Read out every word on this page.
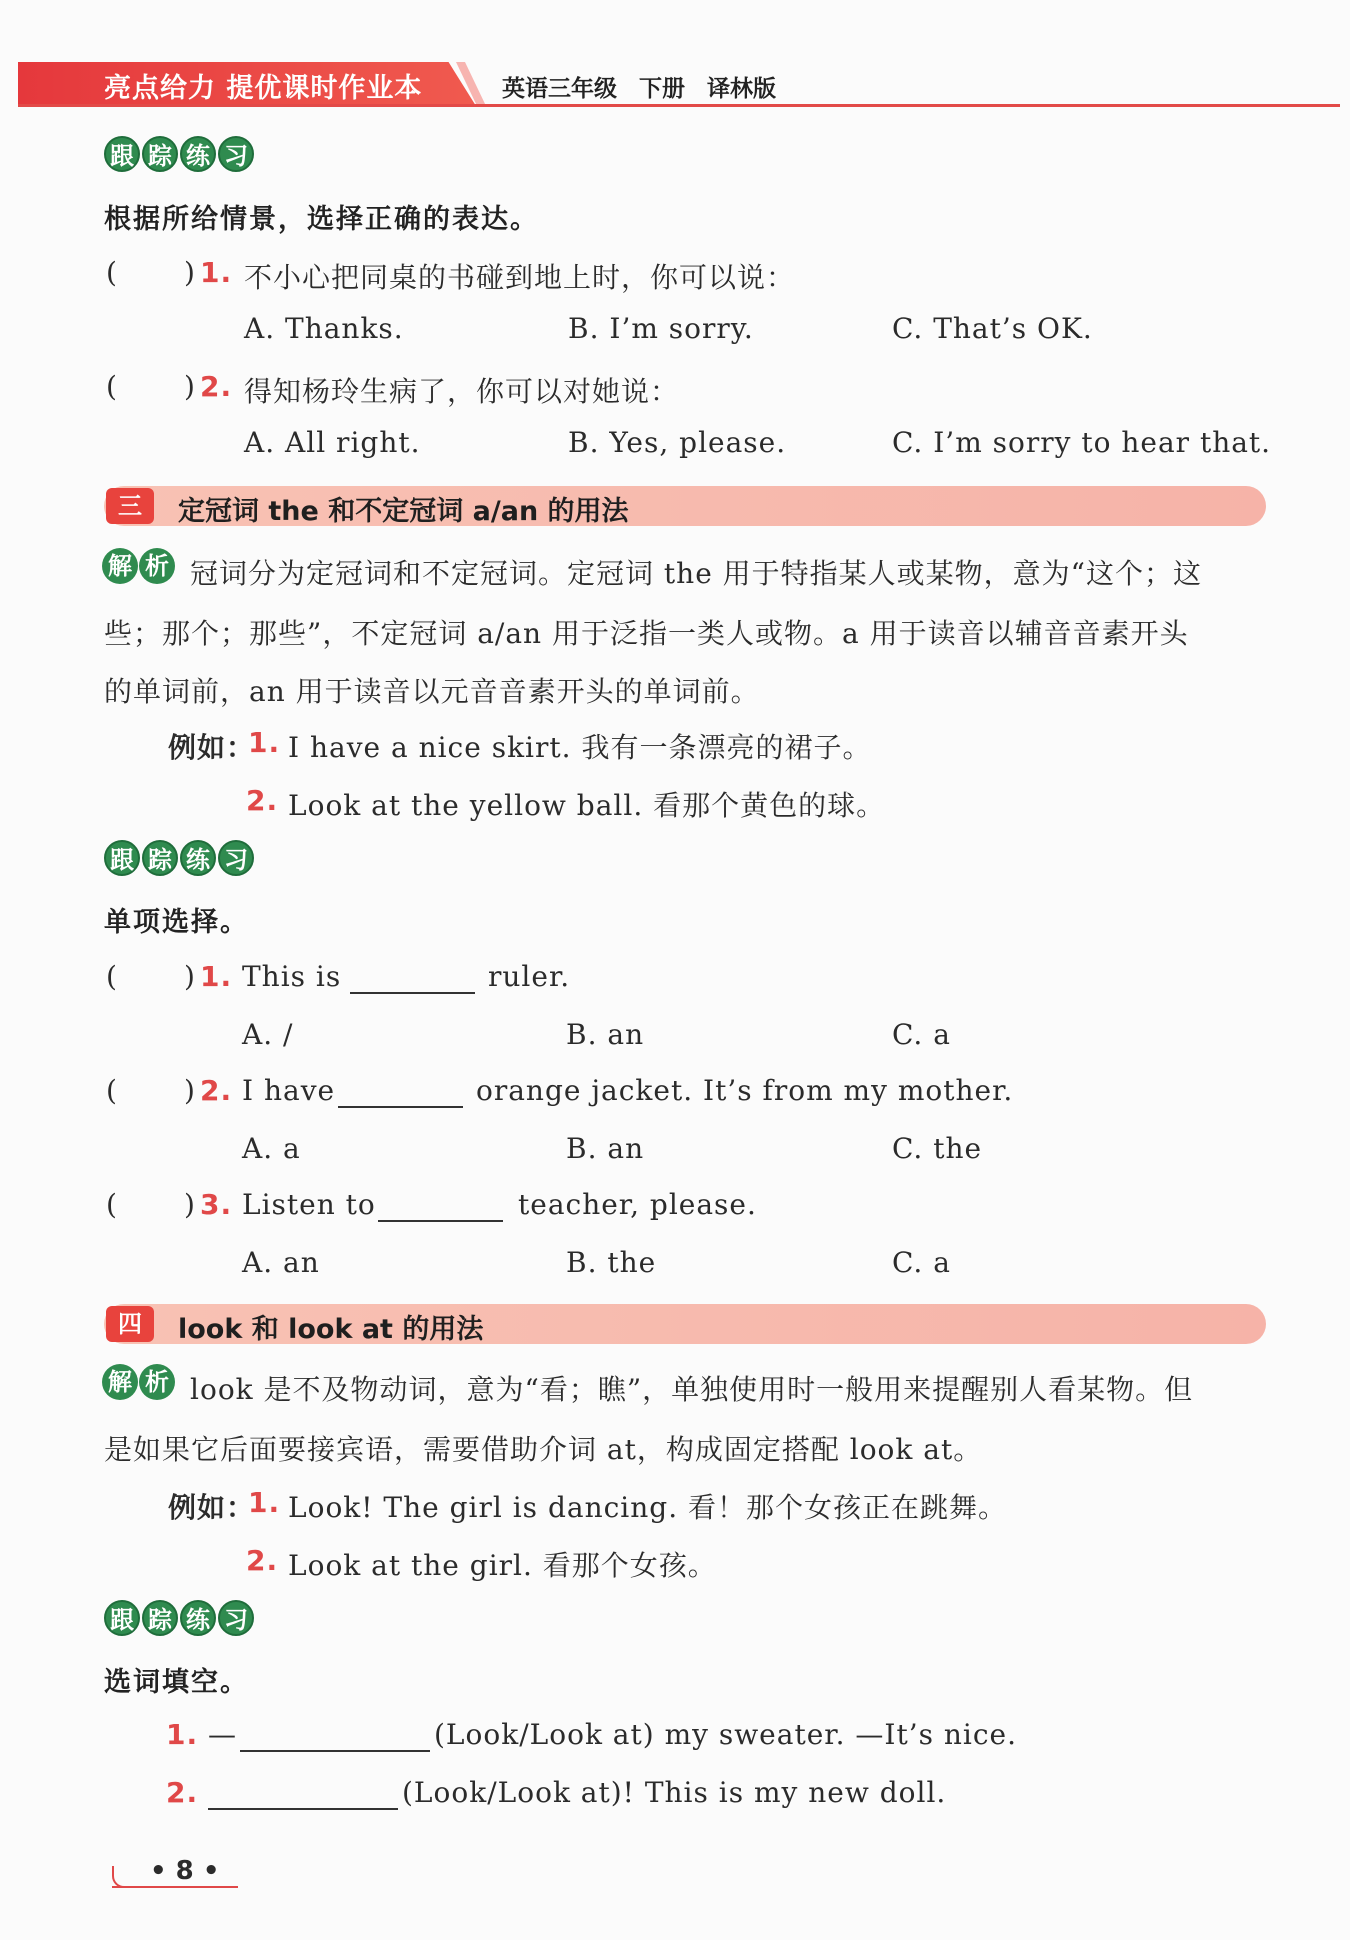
亮点给力 提优课时作业本	英语三年级 下册 译林版
跟 踪 练 习
根据所给情景，选择正确的表达。
( ) 1. 不小心把同桌的书碰到地上时，你可以说：
A. Thanks.	B. I’m sorry.	C. That’s OK.
( ) 2. 得知杨玲生病了，你可以对她说：
A. All right.	B. Yes, please.	C. I’m sorry to hear that.
三	定冠词 the 和不定冠词 a/an 的用法
解 析 冠词分为定冠词和不定冠词。定冠词 the 用于特指某人或某物，意为“这个；这
些；那个；那些”，不定冠词 a/an 用于泛指一类人或物。a 用于读音以辅音音素开头
的单词前，an 用于读音以元音音素开头的单词前。
例如：
1. I have a nice skirt. 我有一条漂亮的裙子。
2. Look at the yellow ball. 看那个黄色的球。
跟 踪 练 习
单项选择。
( ) 1. This is	ruler.
A. /	B. an	C. a
( ) 2. I have	orange jacket. It’s from my mother.
A. a	B. an	C. the
( ) 3. Listen to	teacher, please.
A. an	B. the	C. a
四	look 和 look at 的用法
解 析 look 是不及物动词，意为“看；瞧”，单独使用时一般用来提醒别人看某物。但
是如果它后面要接宾语，需要借助介词 at，构成固定搭配 look at。
例如：
1. Look! The girl is dancing. 看！那个女孩正在跳舞。
2. Look at the girl. 看那个女孩。
跟 踪 练 习
选词填空。
1. —	(Look/Look at) my sweater. —It’s nice.
2.	(Look/Look at)! This is my new doll.
• 8 •
